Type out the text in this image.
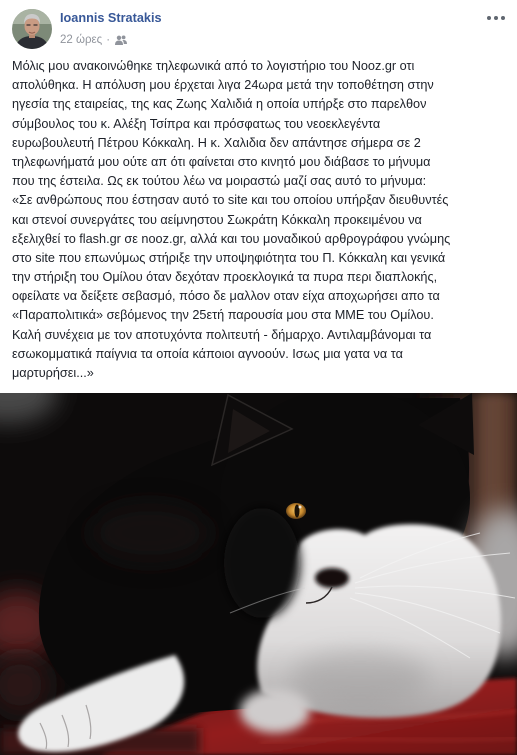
Ioannis Stratakis
22 ώρες ·
Μόλις μου ανακοινώθηκε τηλεφωνικά από το λογιστήριο του Nooz.gr οτι
απολύθηκα. Η απόλυση μου έρχεται λιγα 24ωρα μετά την τοποθέτηση στην
ηγεσία της εταιρείας, της κας Ζωης Χαλιδιά η οποία υπήρξε στο παρελθον
σύμβουλος του κ. Αλέξη Τσίπρα και πρόσφατως του νεοεκλεγέντα
ευρωβουλευτή Πέτρου Κόκκαλη. Η κ. Χαλιδια δεν απάντησε σήμερα σε 2
τηλεφωνήματά μου ούτε απ ότι φαίνεται στο κινητό μου διάβασε το μήνυμα
που της έστειλα. Ως εκ τούτου λέω να μοιραστώ μαζί σας αυτό το μήνυμα:
«Σε ανθρώπους που έστησαν αυτό το site και του οποίου υπήρξαν διευθυντές
και στενοί συνεργάτες του αείμνηστου Σωκράτη Κόκκαλη προκειμένου να
εξελιχθεί το flash.gr σε nooz.gr, αλλά και του μοναδικού αρθρογράφου γνώμης
στο site που επωνύμως στήριξε την υποψηφιότητα του Π. Κόκκαλη και γενικά
την στήριξη του Ομίλου όταν δεχόταν προεκλογικά τα πυρα περι διαπλοκής,
οφείλατε να δείξετε σεβασμό, πόσο δε μαλλον οταν είχα αποχωρήσει απο τα
«Παραπολιτικά» σεβόμενος την 25ετή παρουσία μου στα ΜΜΕ του Ομίλου.
Καλή συνέχεια με τον αποτυχόντα πολιτευτή - δήμαρχο. Αντιλαμβάνομαι τα
εσωκομματικά παίγνια τα οποία κάποιοι αγνοούν. Ισως μια γατα να τα
μαρτυρήσει...»
